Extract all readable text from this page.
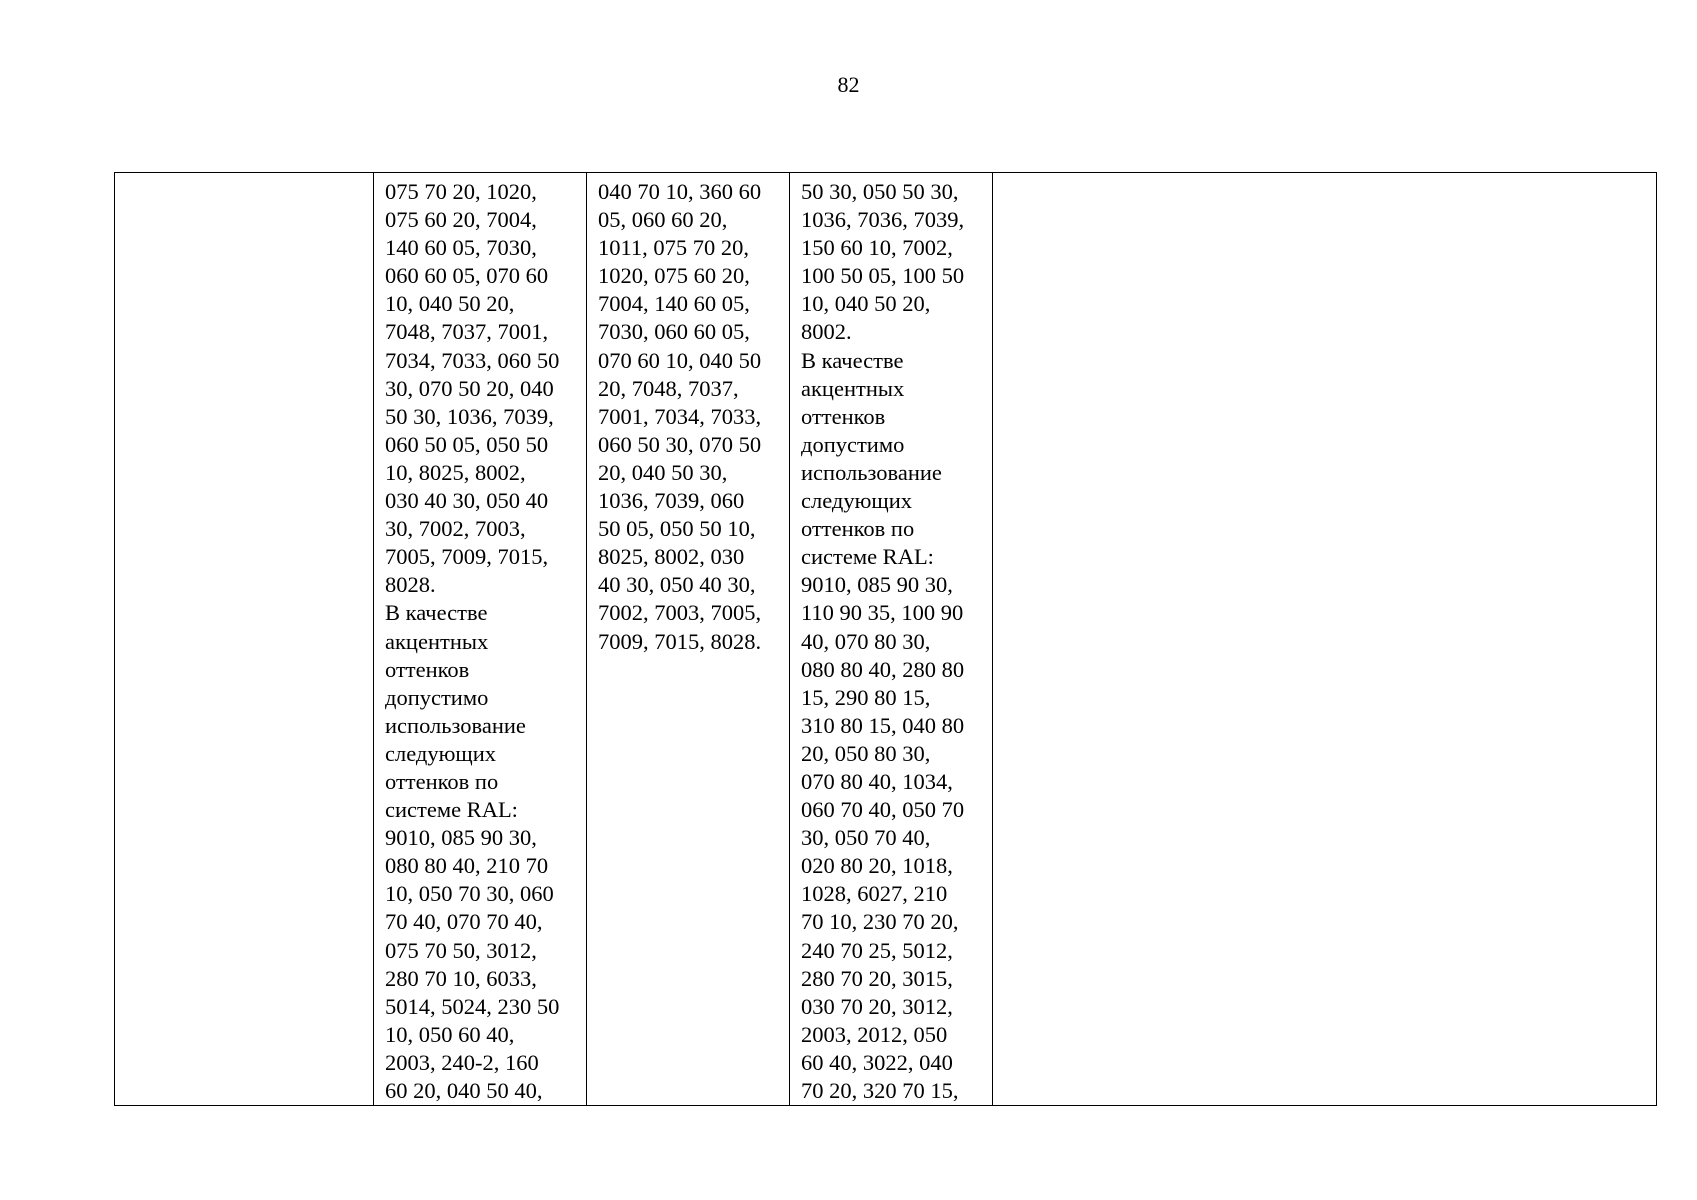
82

075 70 20, 1020,
075 60 20, 7004,
140 60 05, 7030,
060 60 05, 070 60
10, 040 50 20,
7048, 7037, 7001,
7034, 7033, 060 50
30, 070 50 20, 040
50 30, 1036, 7039,
060 50 05, 050 50
10, 8025, 8002,
030 40 30, 050 40
30, 7002, 7003,
7005, 7009, 7015,
8028.
В качестве
акцентных
оттенков
допустимо
использование
следующих
оттенков по
системе RAL:
9010, 085 90 30,
080 80 40, 210 70
10, 050 70 30, 060
70 40, 070 70 40,
075 70 50, 3012,
280 70 10, 6033,
5014, 5024, 230 50
10, 050 60 40,
2003, 240-2, 160
60 20, 040 50 40,

040 70 10, 360 60
05, 060 60 20,
1011, 075 70 20,
1020, 075 60 20,
7004, 140 60 05,
7030, 060 60 05,
070 60 10, 040 50
20, 7048, 7037,
7001, 7034, 7033,
060 50 30, 070 50
20, 040 50 30,
1036, 7039, 060
50 05, 050 50 10,
8025, 8002, 030
40 30, 050 40 30,
7002, 7003, 7005,
7009, 7015, 8028.

50 30, 050 50 30,
1036, 7036, 7039,
150 60 10, 7002,
100 50 05, 100 50
10, 040 50 20,
8002.
В качестве
акцентных
оттенков
допустимо
использование
следующих
оттенков по
системе RAL:
9010, 085 90 30,
110 90 35, 100 90
40, 070 80 30,
080 80 40, 280 80
15, 290 80 15,
310 80 15, 040 80
20, 050 80 30,
070 80 40, 1034,
060 70 40, 050 70
30, 050 70 40,
020 80 20, 1018,
1028, 6027, 210
70 10, 230 70 20,
240 70 25, 5012,
280 70 20, 3015,
030 70 20, 3012,
2003, 2012, 050
60 40, 3022, 040
70 20, 320 70 15,
